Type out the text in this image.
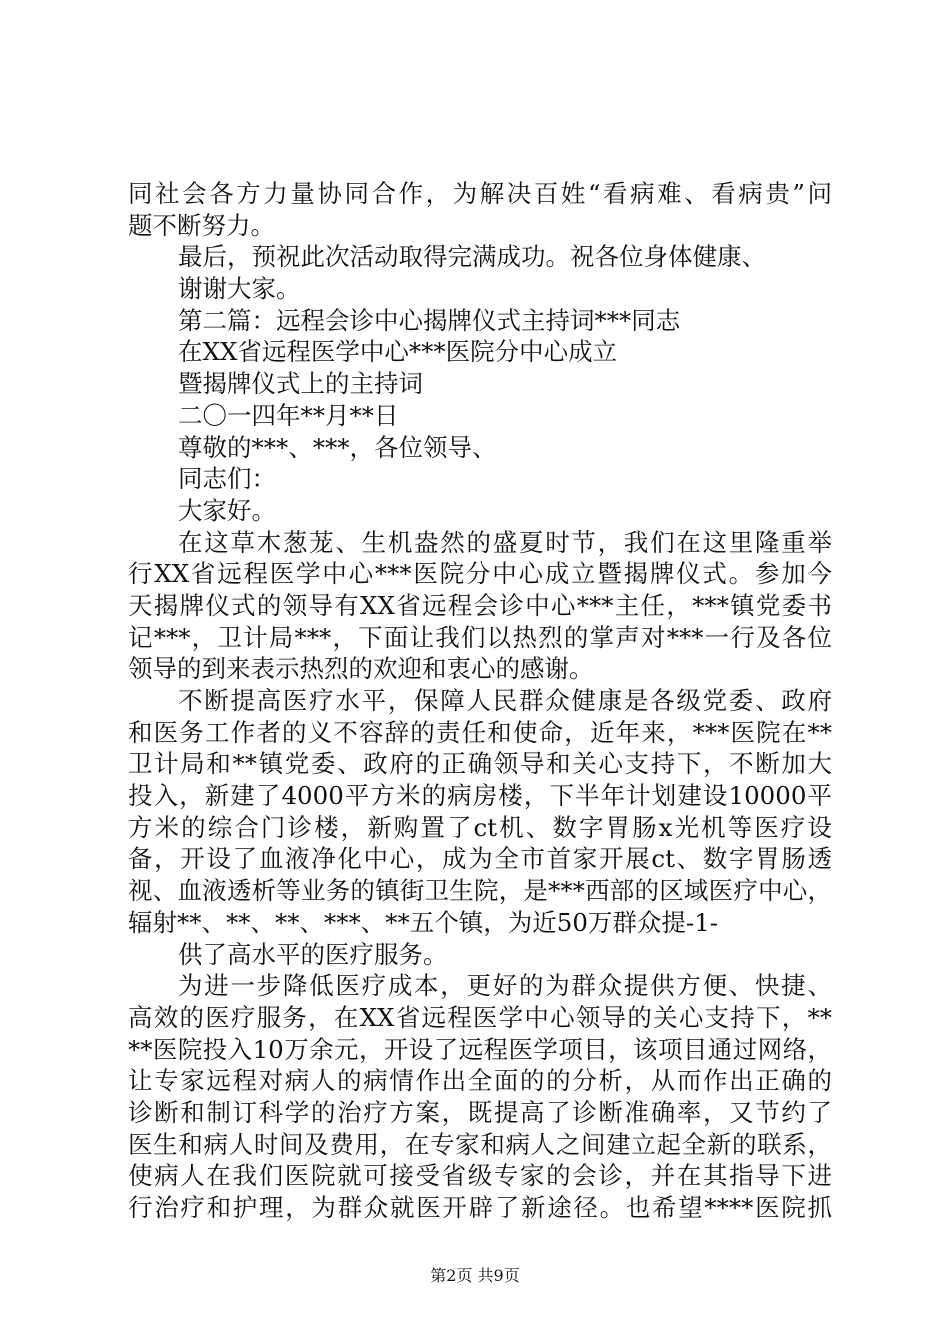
同社会各方力量协同合作，为解决百姓“看病难、看病贵”问
题不断努力。
最后，预祝此次活动取得完满成功。祝各位身体健康、
谢谢大家。
第二篇：远程会诊中心揭牌仪式主持词***同志
在XX省远程医学中心***医院分中心成立
暨揭牌仪式上的主持词
二〇一四年**月**日
尊敬的***、***，各位领导、
同志们：
大家好。
在这草木葱茏、生机盎然的盛夏时节，我们在这里隆重举
行XX省远程医学中心***医院分中心成立暨揭牌仪式。参加今
天揭牌仪式的领导有XX省远程会诊中心***主任，***镇党委书
记***，卫计局***，下面让我们以热烈的掌声对***一行及各位
领导的到来表示热烈的欢迎和衷心的感谢。
不断提高医疗水平，保障人民群众健康是各级党委、政府
和医务工作者的义不容辞的责任和使命，近年来，***医院在**
卫计局和**镇党委、政府的正确领导和关心支持下，不断加大
投入，新建了4000平方米的病房楼，下半年计划建设10000平
方米的综合门诊楼，新购置了ct机、数字胃肠x光机等医疗设
备，开设了血液净化中心，成为全市首家开展ct、数字胃肠透
视、血液透析等业务的镇街卫生院，是***西部的区域医疗中心，
辐射**、**、**、***、**五个镇，为近50万群众提-1-
供了高水平的医疗服务。
为进一步降低医疗成本，更好的为群众提供方便、快捷、
高效的医疗服务，在XX省远程医学中心领导的关心支持下，**
**医院投入10万余元，开设了远程医学项目，该项目通过网络，
让专家远程对病人的病情作出全面的的分析，从而作出正确的
诊断和制订科学的治疗方案，既提高了诊断准确率，又节约了
医生和病人时间及费用，在专家和病人之间建立起全新的联系，
使病人在我们医院就可接受省级专家的会诊，并在其指导下进
行治疗和护理，为群众就医开辟了新途径。也希望****医院抓
第2页 共9页
